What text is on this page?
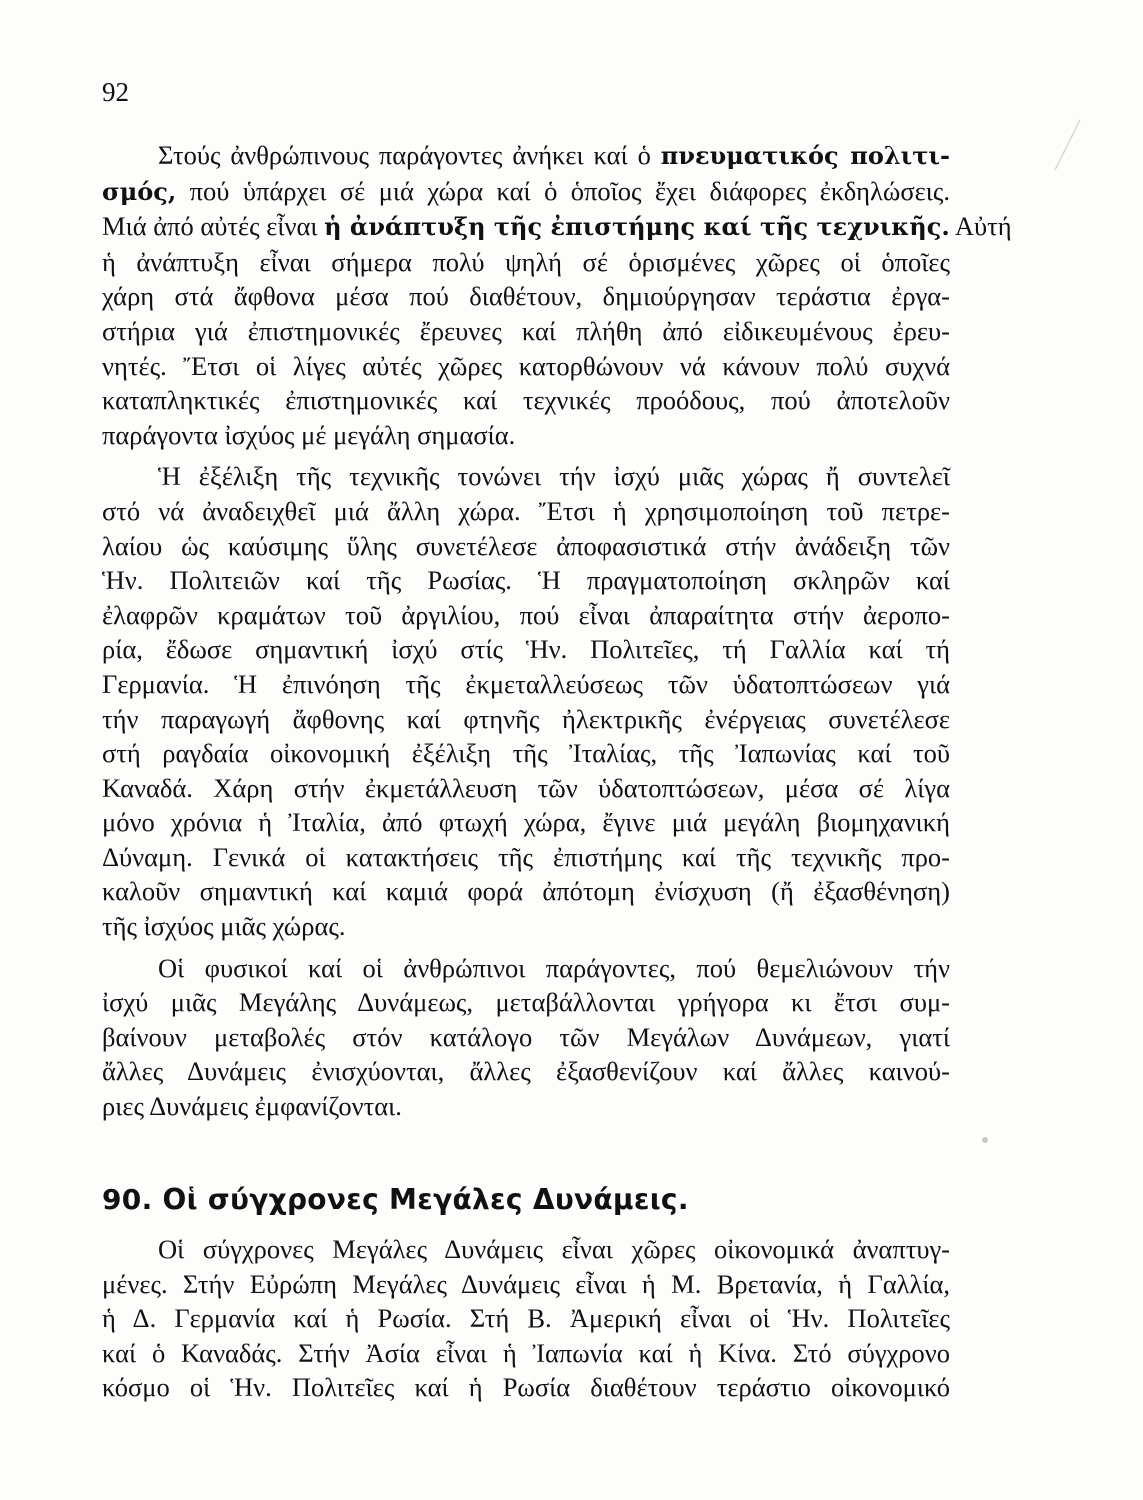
92

Στούς ἀνθρώπινους παράγοντες ἀνήκει καί ὁ πνευματικός πολιτι-
σμός, πού ὑπάρχει σέ μιά χώρα καί ὁ ὁποῖος ἔχει διάφορες ἐκδηλώσεις.
Μιά ἀπό αὐτές εἶναι ἡ ἀνάπτυξη τῆς ἐπιστήμης καί τῆς τεχνικῆς. Αὐτή
ἡ ἀνάπτυξη εἶναι σήμερα πολύ ψηλή σέ ὁρισμένες χῶρες οἱ ὁποῖες
χάρη στά ἄφθονα μέσα πού διαθέτουν, δημιούργησαν τεράστια ἐργα-
στήρια γιά ἐπιστημονικές ἔρευνες καί πλήθη ἀπό εἰδικευμένους ἐρευ-
νητές. Ἔτσι οἱ λίγες αὐτές χῶρες κατορθώνουν νά κάνουν πολύ συχνά
καταπληκτικές ἐπιστημονικές καί τεχνικές προόδους, πού ἀποτελοῦν
παράγοντα ἰσχύος μέ μεγάλη σημασία.

Ἡ ἐξέλιξη τῆς τεχνικῆς τονώνει τήν ἰσχύ μιᾶς χώρας ἤ συντελεῖ
στό νά ἀναδειχθεῖ μιά ἄλλη χώρα. Ἔτσι ἡ χρησιμοποίηση τοῦ πετρε-
λαίου ὡς καύσιμης ὕλης συνετέλεσε ἀποφασιστικά στήν ἀνάδειξη τῶν
Ἡν. Πολιτειῶν καί τῆς Ρωσίας. Ἡ πραγματοποίηση σκληρῶν καί
ἐλαφρῶν κραμάτων τοῦ ἀργιλίου, πού εἶναι ἀπαραίτητα στήν ἀεροπο-
ρία, ἔδωσε σημαντική ἰσχύ στίς Ἡν. Πολιτεῖες, τή Γαλλία καί τή
Γερμανία. Ἡ ἐπινόηση τῆς ἐκμεταλλεύσεως τῶν ὑδατοπτώσεων γιά
τήν παραγωγή ἄφθονης καί φτηνῆς ἠλεκτρικῆς ἐνέργειας συνετέλεσε
στή ραγδαία οἰκονομική ἐξέλιξη τῆς Ἰταλίας, τῆς Ἰαπωνίας καί τοῦ
Καναδά. Χάρη στήν ἐκμετάλλευση τῶν ὑδατοπτώσεων, μέσα σέ λίγα
μόνο χρόνια ἡ Ἰταλία, ἀπό φτωχή χώρα, ἔγινε μιά μεγάλη βιομηχανική
Δύναμη. Γενικά οἱ κατακτήσεις τῆς ἐπιστήμης καί τῆς τεχνικῆς προ-
καλοῦν σημαντική καί καμιά φορά ἀπότομη ἐνίσχυση (ἤ ἐξασθένηση)
τῆς ἰσχύος μιᾶς χώρας.

Οἱ φυσικοί καί οἱ ἀνθρώπινοι παράγοντες, πού θεμελιώνουν τήν
ἰσχύ μιᾶς Μεγάλης Δυνάμεως, μεταβάλλονται γρήγορα κι ἔτσι συμ-
βαίνουν μεταβολές στόν κατάλογο τῶν Μεγάλων Δυνάμεων, γιατί
ἄλλες Δυνάμεις ἐνισχύονται, ἄλλες ἐξασθενίζουν καί ἄλλες καινού-
ριες Δυνάμεις ἐμφανίζονται.

90. Οἱ σύγχρονες Μεγάλες Δυνάμεις.

Οἱ σύγχρονες Μεγάλες Δυνάμεις εἶναι χῶρες οἰκονομικά ἀναπτυγ-
μένες. Στήν Εὐρώπη Μεγάλες Δυνάμεις εἶναι ἡ Μ. Βρετανία, ἡ Γαλλία,
ἡ Δ. Γερμανία καί ἡ Ρωσία. Στή Β. Ἀμερική εἶναι οἱ Ἡν. Πολιτεῖες
καί ὁ Καναδάς. Στήν Ἀσία εἶναι ἡ Ἰαπωνία καί ἡ Κίνα. Στό σύγχρονο
κόσμο οἱ Ἡν. Πολιτεῖες καί ἡ Ρωσία διαθέτουν τεράστιο οἰκονομικό
